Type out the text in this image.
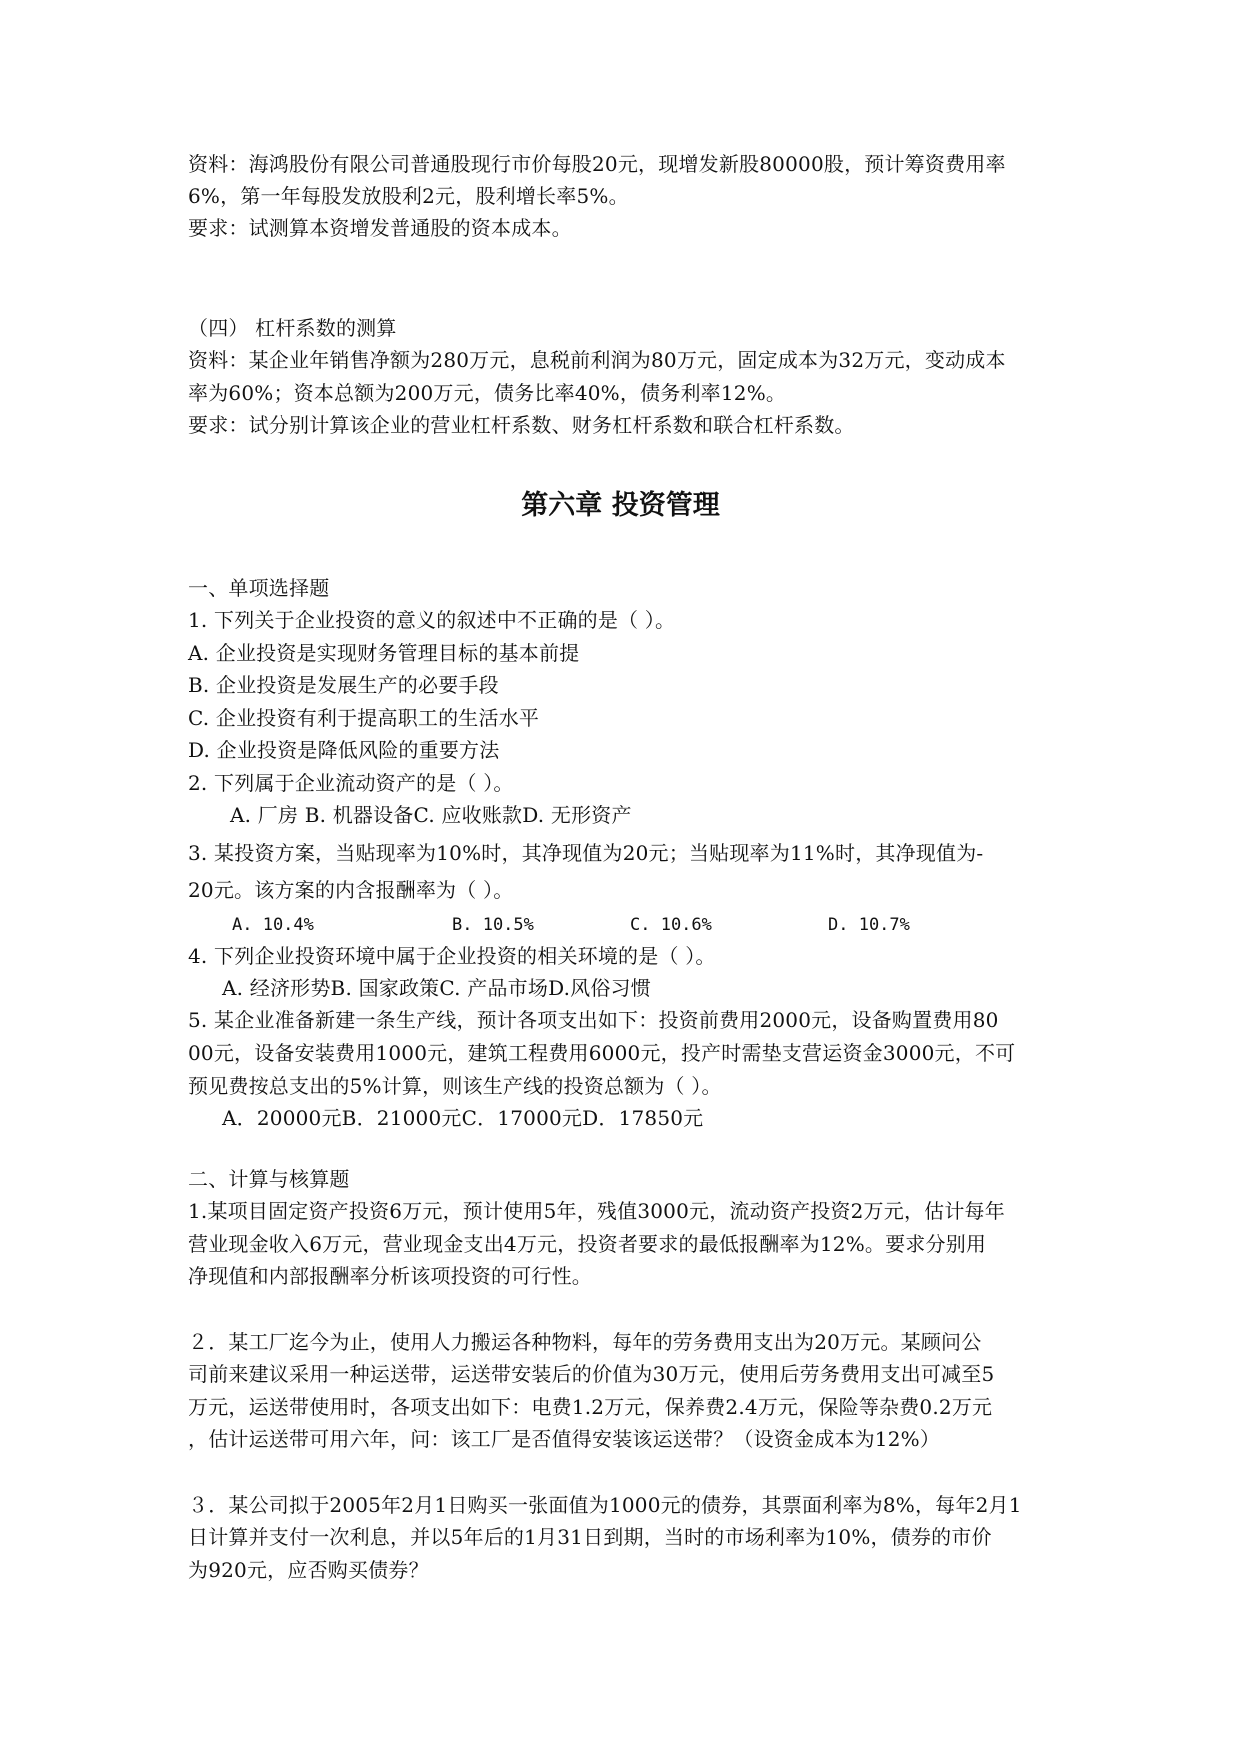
资料：海鸿股份有限公司普通股现行市价每股20元，现增发新股80000股，预计筹资费用率
6%，第一年每股发放股利2元，股利增长率5%。
要求：试测算本资增发普通股的资本成本。
（四） 杠杆系数的测算
资料：某企业年销售净额为280万元，息税前利润为80万元，固定成本为32万元，变动成本
率为60%；资本总额为200万元，债务比率40%，债务利率12%。
要求：试分别计算该企业的营业杠杆系数、财务杠杆系数和联合杠杆系数。
第六章 投资管理
一、单项选择题
1. 下列关于企业投资的意义的叙述中不正确的是（ ）。
A. 企业投资是实现财务管理目标的基本前提
B. 企业投资是发展生产的必要手段
C. 企业投资有利于提高职工的生活水平
D. 企业投资是降低风险的重要方法
2. 下列属于企业流动资产的是（ ）。
A. 厂房 B. 机器设备C. 应收账款D. 无形资产
3. 某投资方案，当贴现率为10%时，其净现值为20元；当贴现率为11%时，其净现值为-
20元。该方案的内含报酬率为（ ）。
A. 10.4%	B. 10.5%	C. 10.6%	D. 10.7%
4. 下列企业投资环境中属于企业投资的相关环境的是（ ）。
A. 经济形势B. 国家政策C. 产品市场D.风俗习惯
5. 某企业准备新建一条生产线，预计各项支出如下：投资前费用2000元，设备购置费用80
00元，设备安装费用1000元，建筑工程费用6000元，投产时需垫支营运资金3000元，不可
预见费按总支出的5%计算，则该生产线的投资总额为（ ）。
A．20000元B．21000元C．17000元D．17850元
二、计算与核算题
1.某项目固定资产投资6万元，预计使用5年，残值3000元，流动资产投资2万元，估计每年
营业现金收入6万元，营业现金支出4万元，投资者要求的最低报酬率为12%。要求分别用
净现值和内部报酬率分析该项投资的可行性。
２．某工厂迄今为止，使用人力搬运各种物料，每年的劳务费用支出为20万元。某顾问公
司前来建议采用一种运送带，运送带安装后的价值为30万元，使用后劳务费用支出可减至5
万元，运送带使用时，各项支出如下：电费1.2万元，保养费2.4万元，保险等杂费0.2万元
，估计运送带可用六年，问：该工厂是否值得安装该运送带？（设资金成本为12%）
３．某公司拟于2005年2月1日购买一张面值为1000元的债券，其票面利率为8%，每年2月1
日计算并支付一次利息，并以5年后的1月31日到期，当时的市场利率为10%，债券的市价
为920元，应否购买债券？
